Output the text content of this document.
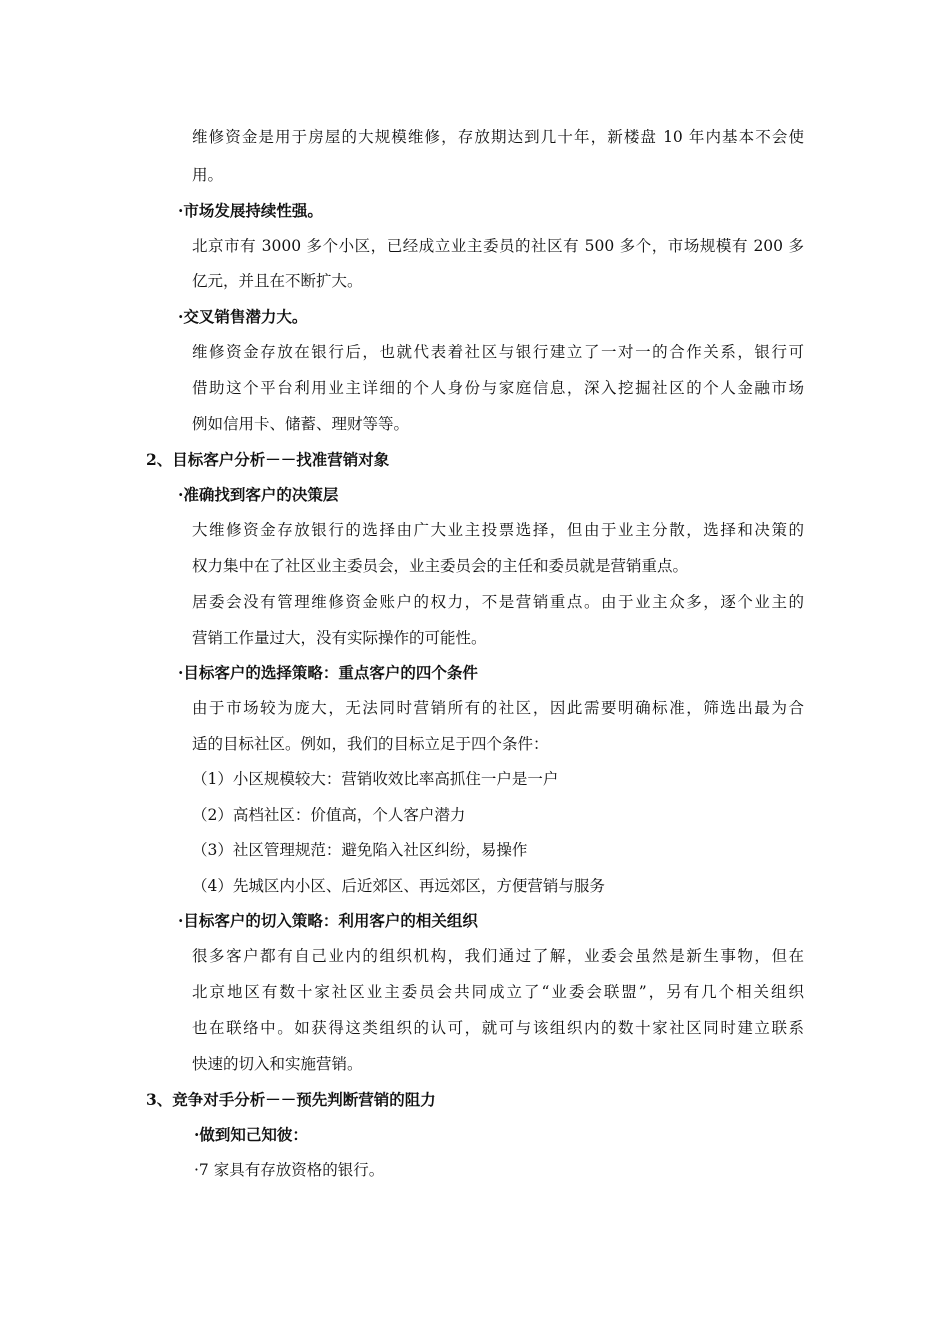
维修资金是用于房屋的大规模维修，存放期达到几十年，新楼盘 10 年内基本不会使
用。
·市场发展持续性强。
北京市有 3000 多个小区，已经成立业主委员的社区有 500 多个，市场规模有 200 多
亿元，并且在不断扩大。
·交叉销售潜力大。
维修资金存放在银行后，也就代表着社区与银行建立了一对一的合作关系，银行可
借助这个平台利用业主详细的个人身份与家庭信息，深入挖掘社区的个人金融市场
例如信用卡、储蓄、理财等等。
2、目标客户分析－－找准营销对象
·准确找到客户的决策层
大维修资金存放银行的选择由广大业主投票选择，但由于业主分散，选择和决策的
权力集中在了社区业主委员会，业主委员会的主任和委员就是营销重点。
居委会没有管理维修资金账户的权力，不是营销重点。由于业主众多，逐个业主的
营销工作量过大，没有实际操作的可能性。
·目标客户的选择策略：重点客户的四个条件
由于市场较为庞大，无法同时营销所有的社区，因此需要明确标准，筛选出最为合
适的目标社区。例如，我们的目标立足于四个条件：
（1）小区规模较大：营销收效比率高抓住一户是一户
（2）高档社区：价值高，个人客户潜力
（3）社区管理规范：避免陷入社区纠纷，易操作
（4）先城区内小区、后近郊区、再远郊区，方便营销与服务
·目标客户的切入策略：利用客户的相关组织
很多客户都有自己业内的组织机构，我们通过了解，业委会虽然是新生事物，但在
北京地区有数十家社区业主委员会共同成立了“业委会联盟”，另有几个相关组织
也在联络中。如获得这类组织的认可，就可与该组织内的数十家社区同时建立联系
快速的切入和实施营销。
3、竞争对手分析－－预先判断营销的阻力
·做到知己知彼：
·7 家具有存放资格的银行。
